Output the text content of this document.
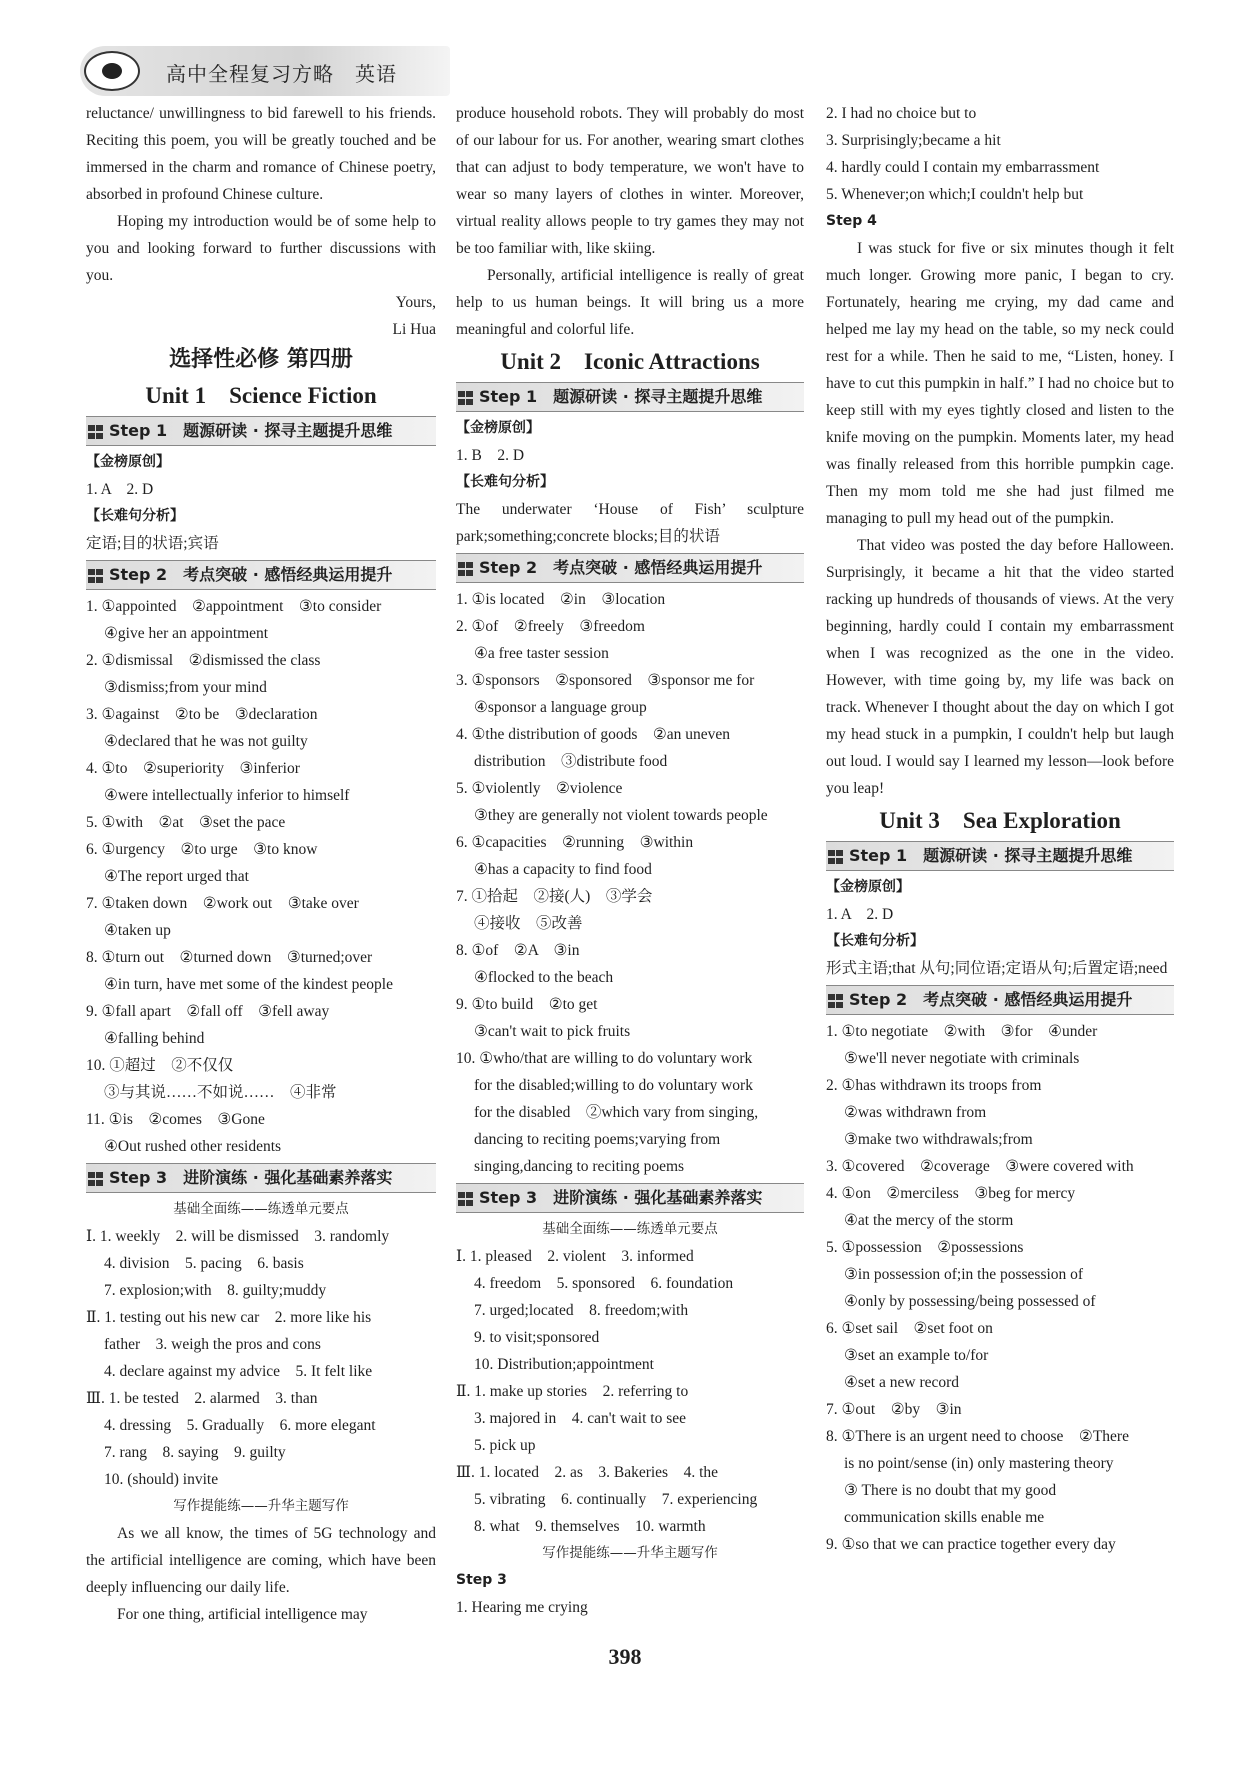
高中全程复习方略　英语

reluctance/ unwillingness to bid farewell to his friends. Reciting this poem, you will be greatly touched and be immersed in the charm and romance of Chinese poetry, absorbed in profound Chinese culture.

Hoping my introduction would be of some help to you and looking forward to further discussions with you.

Yours,

Li Hua

选择性必修 第四册
Unit 1　Science Fiction
Step 1　题源研读 · 探寻主题提升思维

【金榜原创】

1. A　2. D

【长难句分析】

定语;目的状语;宾语

Step 2　考点突破 · 感悟经典运用提升

1. ①appointed　②appointment　③to consider

④give her an appointment

2. ①dismissal　②dismissed the class

③dismiss;from your mind

3. ①against　②to be　③declaration

④declared that he was not guilty

4. ①to　②superiority　③inferior

④were intellectually inferior to himself

5. ①with　②at　③set the pace

6. ①urgency　②to urge　③to know

④The report urged that

7. ①taken down　②work out　③take over

④taken up

8. ①turn out　②turned down　③turned;over

④in turn, have met some of the kindest people

9. ①fall apart　②fall off　③fell away

④falling behind

10. ①超过　②不仅仅

③与其说……不如说……　④非常

11. ①is　②comes　③Gone

④Out rushed other residents

Step 3　进阶演练 · 强化基础素养落实

基础全面练——练透单元要点

Ⅰ. 1. weekly　2. will be dismissed　3. randomly

4. division　5. pacing　6. basis

7. explosion;with　8. guilty;muddy

Ⅱ. 1. testing out his new car　2. more like his

father　3. weigh the pros and cons

4. declare against my advice　5. It felt like

Ⅲ. 1. be tested　2. alarmed　3. than

4. dressing　5. Gradually　6. more elegant

7. rang　8. saying　9. guilty

10. (should) invite

写作提能练——升华主题写作

As we all know, the times of 5G technology and the artificial intelligence are coming, which have been deeply influencing our daily life.

For one thing, artificial intelligence may

produce household robots. They will probably do most of our labour for us. For another, wearing smart clothes that can adjust to body temperature, we won't have to wear so many layers of clothes in winter. Moreover, virtual reality allows people to try games they may not be too familiar with, like skiing.

Personally, artificial intelligence is really of great help to us human beings. It will bring us a more meaningful and colorful life.

Unit 2　Iconic Attractions
Step 1　题源研读 · 探寻主题提升思维

【金榜原创】

1. B　2. D

【长难句分析】

The underwater ‘House of Fish’ sculpture park;something;concrete blocks;目的状语

Step 2　考点突破 · 感悟经典运用提升

1. ①is located　②in　③location

2. ①of　②freely　③freedom

④a free taster session

3. ①sponsors　②sponsored　③sponsor me for

④sponsor a language group

4. ①the distribution of goods　②an uneven

distribution　③distribute food

5. ①violently　②violence

③they are generally not violent towards people

6. ①capacities　②running　③within

④has a capacity to find food

7. ①拾起　②接(人)　③学会

④接收　⑤改善

8. ①of　②A　③in

④flocked to the beach

9. ①to build　②to get

③can't wait to pick fruits

10. ①who/that are willing to do voluntary work

for the disabled;willing to do voluntary work

for the disabled　②which vary from singing,

dancing to reciting poems;varying from

singing,dancing to reciting poems

Step 3　进阶演练 · 强化基础素养落实

基础全面练——练透单元要点

Ⅰ. 1. pleased　2. violent　3. informed

4. freedom　5. sponsored　6. foundation

7. urged;located　8. freedom;with

9. to visit;sponsored

10. Distribution;appointment

Ⅱ. 1. make up stories　2. referring to

3. majored in　4. can't wait to see

5. pick up

Ⅲ. 1. located　2. as　3. Bakeries　4. the

5. vibrating　6. continually　7. experiencing

8. what　9. themselves　10. warmth

写作提能练——升华主题写作

Step 3

1. Hearing me crying

2. I had no choice but to

3. Surprisingly;became a hit

4. hardly could I contain my embarrassment

5. Whenever;on which;I couldn't help but

Step 4

I was stuck for five or six minutes though it felt much longer. Growing more panic, I began to cry. Fortunately, hearing me crying, my dad came and helped me lay my head on the table, so my neck could rest for a while. Then he said to me, “Listen, honey. I have to cut this pumpkin in half.” I had no choice but to keep still with my eyes tightly closed and listen to the knife moving on the pumpkin. Moments later, my head was finally released from this horrible pumpkin cage. Then my mom told me she had just filmed me managing to pull my head out of the pumpkin.

That video was posted the day before Halloween. Surprisingly, it became a hit that the video started racking up hundreds of thousands of views. At the very beginning, hardly could I contain my embarrassment when I was recognized as the one in the video. However, with time going by, my life was back on track. Whenever I thought about the day on which I got my head stuck in a pumpkin, I couldn't help but laugh out loud. I would say I learned my lesson—look before you leap!

Unit 3　Sea Exploration
Step 1　题源研读 · 探寻主题提升思维

【金榜原创】

1. A　2. D

【长难句分析】

形式主语;that 从句;同位语;定语从句;后置定语;need

Step 2　考点突破 · 感悟经典运用提升

1. ①to negotiate　②with　③for　④under

⑤we'll never negotiate with criminals

2. ①has withdrawn its troops from

②was withdrawn from

③make two withdrawals;from

3. ①covered　②coverage　③were covered with

4. ①on　②merciless　③beg for mercy

④at the mercy of the storm

5. ①possession　②possessions

③in possession of;in the possession of

④only by possessing/being possessed of

6. ①set sail　②set foot on

③set an example to/for

④set a new record

7. ①out　②by　③in

8. ①There is an urgent need to choose　②There

is no point/sense (in) only mastering theory

③ There is no doubt that my good

communication skills enable me

9. ①so that we can practice together every day

398
